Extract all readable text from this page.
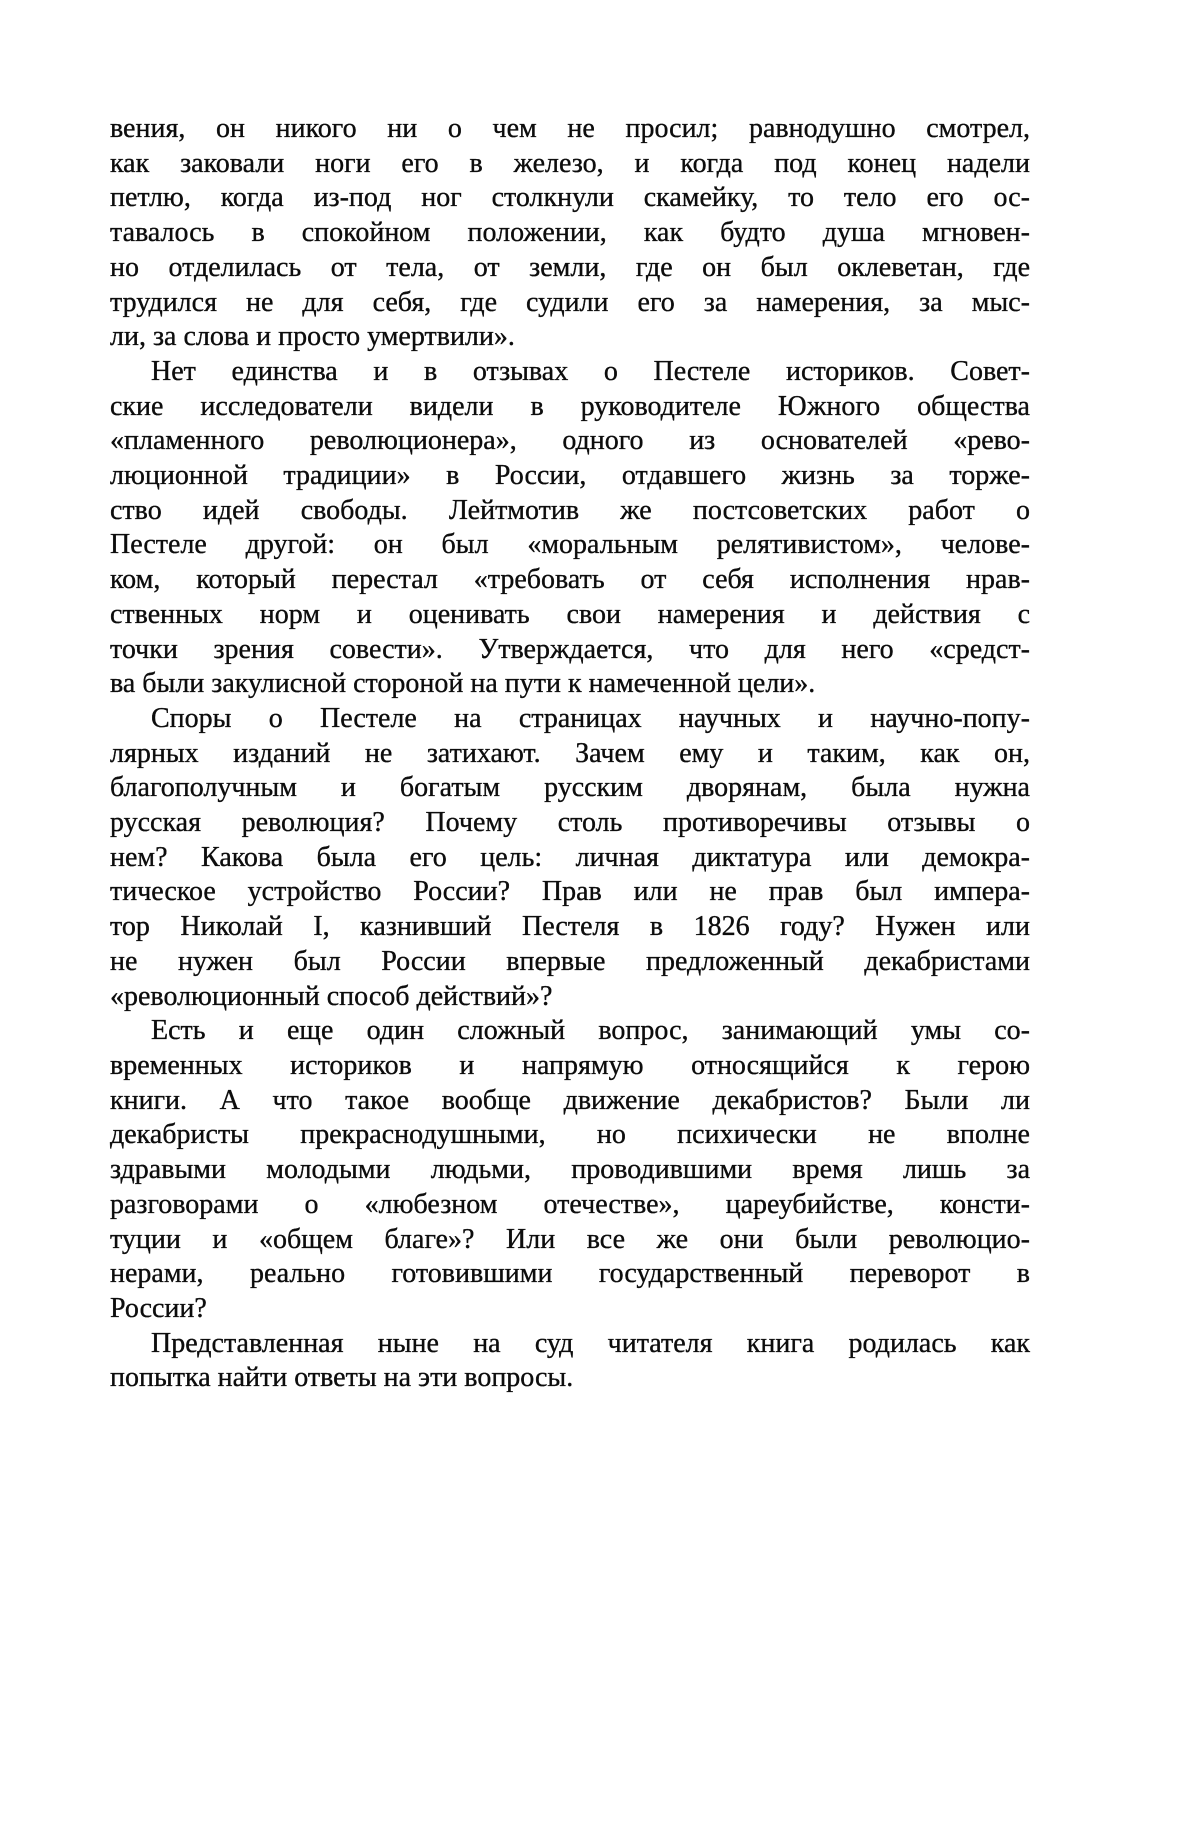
вения, он никого ни о чем не просил; равнодушно смотрел,
как заковали ноги его в железо, и когда под конец надели
петлю, когда из-под ног столкнули скамейку, то тело его ос-
тавалось в спокойном положении, как будто душа мгновен-
но отделилась от тела, от земли, где он был оклеветан, где
трудился не для себя, где судили его за намерения, за мыс-
ли, за слова и просто умертвили».
Нет единства и в отзывах о Пестеле историков. Совет-
ские исследователи видели в руководителе Южного общества
«пламенного революционера», одного из основателей «рево-
люционной традиции» в России, отдавшего жизнь за торже-
ство идей свободы. Лейтмотив же постсоветских работ о
Пестеле другой: он был «моральным релятивистом», челове-
ком, который перестал «требовать от себя исполнения нрав-
ственных норм и оценивать свои намерения и действия с
точки зрения совести». Утверждается, что для него «средст-
ва были закулисной стороной на пути к намеченной цели».
Споры о Пестеле на страницах научных и научно-попу-
лярных изданий не затихают. Зачем ему и таким, как он,
благополучным и богатым русским дворянам, была нужна
русская революция? Почему столь противоречивы отзывы о
нем? Какова была его цель: личная диктатура или демокра-
тическое устройство России? Прав или не прав был импера-
тор Николай I, казнивший Пестеля в 1826 году? Нужен или
не нужен был России впервые предложенный декабристами
«революционный способ действий»?
Есть и еще один сложный вопрос, занимающий умы со-
временных историков и напрямую относящийся к герою
книги. А что такое вообще движение декабристов? Были ли
декабристы прекраснодушными, но психически не вполне
здравыми молодыми людьми, проводившими время лишь за
разговорами о «любезном отечестве», цареубийстве, консти-
туции и «общем благе»? Или все же они были революцио-
нерами, реально готовившими государственный переворот в
России?
Представленная ныне на суд читателя книга родилась как
попытка найти ответы на эти вопросы.
